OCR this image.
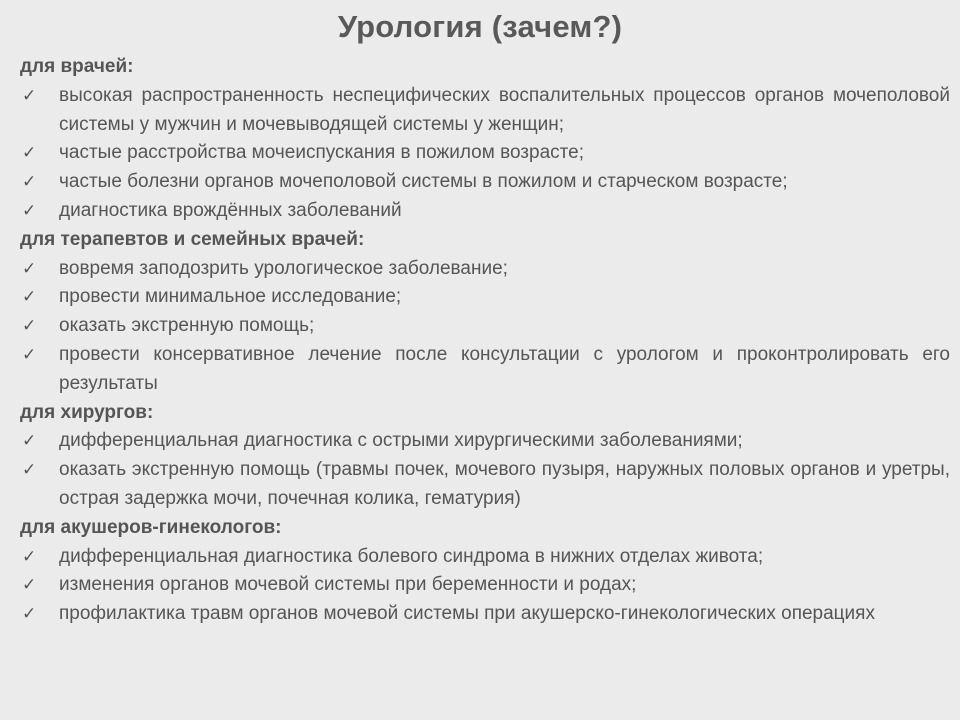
Урология (зачем?)
для врачей:
✓ высокая распространенность неспецифических воспалительных процессов органов мочеполовой системы у мужчин и мочевыводящей системы у женщин;
✓ частые расстройства мочеиспускания в пожилом возрасте;
✓ частые болезни органов мочеполовой системы в пожилом и старческом возрасте;
✓ диагностика врождённых заболеваний
для терапевтов и семейных врачей:
✓ вовремя заподозрить урологическое заболевание;
✓ провести минимальное исследование;
✓ оказать экстренную помощь;
✓ провести консервативное лечение после консультации с урологом и проконтролировать его результаты
для хирургов:
✓ дифференциальная диагностика с острыми хирургическими заболеваниями;
✓ оказать экстренную помощь (травмы почек, мочевого пузыря, наружных половых органов и уретры, острая задержка мочи, почечная колика, гематурия)
для акушеров-гинекологов:
✓ дифференциальная диагностика болевого синдрома в нижних отделах живота;
✓ изменения органов мочевой системы при беременности и родах;
✓ профилактика травм органов мочевой системы при акушерско-гинекологических операциях
